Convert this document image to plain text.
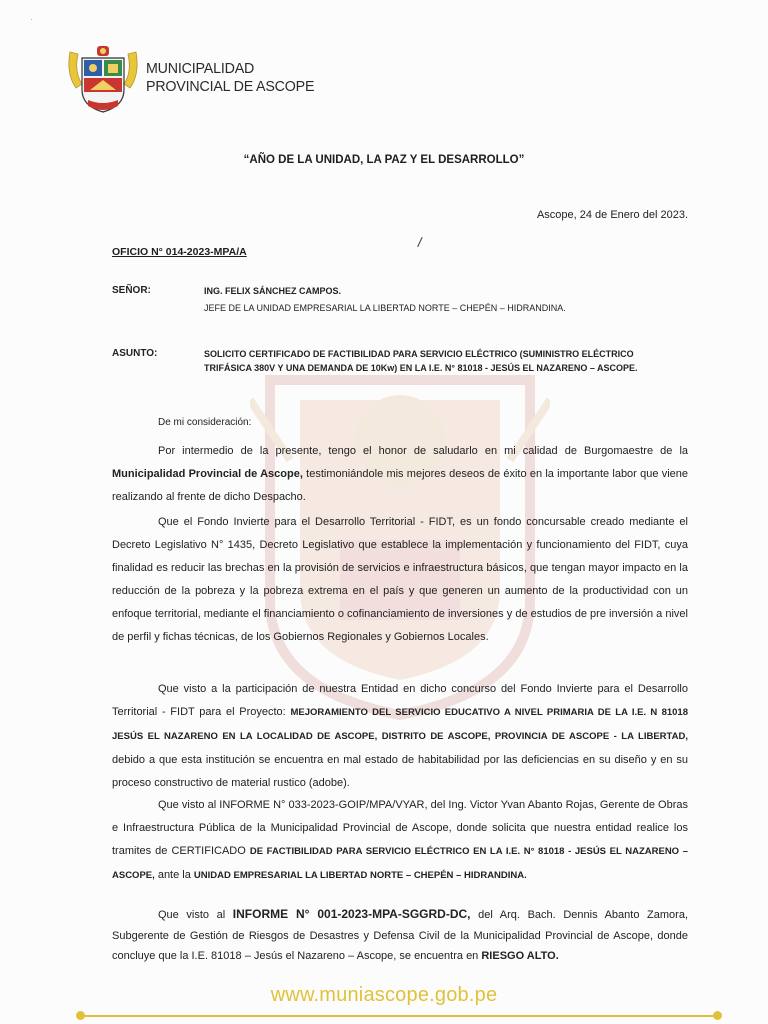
·
MUNICIPALIDAD
PROVINCIAL DE ASCOPE
“AÑO DE LA UNIDAD, LA PAZ Y EL DESARROLLO”
Ascope, 24 de Enero del 2023.
OFICIO N° 014-2023-MPA/A
/
SEÑOR:	ING. FELIX SÁNCHEZ CAMPOS.
JEFE DE LA UNIDAD EMPRESARIAL LA LIBERTAD NORTE – CHEPÉN – HIDRANDINA.
ASUNTO:	SOLICITO CERTIFICADO DE FACTIBILIDAD PARA SERVICIO ELÉCTRICO (SUMINISTRO ELÉCTRICO
TRIFÁSICA 380V Y UNA DEMANDA DE 10Kw) EN LA I.E. N° 81018 - JESÚS EL NAZARENO – ASCOPE.
De mi consideración:
Por intermedio de la presente, tengo el honor de saludarlo en mi calidad de Burgomaestre de la Municipalidad Provincial de Ascope, testimoniándole mis mejores deseos de éxito en la importante labor que viene realizando al frente de dicho Despacho.
Que el Fondo Invierte para el Desarrollo Territorial - FIDT, es un fondo concursable creado mediante el Decreto Legislativo N° 1435, Decreto Legislativo que establece la implementación y funcionamiento del FIDT, cuya finalidad es reducir las brechas en la provisión de servicios e infraestructura básicos, que tengan mayor impacto en la reducción de la pobreza y la pobreza extrema en el país y que generen un aumento de la productividad con un enfoque territorial, mediante el financiamiento o cofinanciamiento de inversiones y de estudios de pre inversión a nivel de perfil y fichas técnicas, de los Gobiernos Regionales y Gobiernos Locales.
Que visto a la participación de nuestra Entidad en dicho concurso del Fondo Invierte para el Desarrollo Territorial - FIDT para el Proyecto: MEJORAMIENTO DEL SERVICIO EDUCATIVO A NIVEL PRIMARIA DE LA I.E. N 81018 JESÚS EL NAZARENO EN LA LOCALIDAD DE ASCOPE, DISTRITO DE ASCOPE, PROVINCIA DE ASCOPE - LA LIBERTAD, debido a que esta institución se encuentra en mal estado de habitabilidad por las deficiencias en su diseño y en su proceso constructivo de material rustico (adobe).
Que visto al INFORME N° 033-2023-GOIP/MPA/VYAR, del Ing. Victor Yvan Abanto Rojas, Gerente de Obras e Infraestructura Pública de la Municipalidad Provincial de Ascope, donde solicita que nuestra entidad realice los tramites de CERTIFICADO DE FACTIBILIDAD PARA SERVICIO ELÉCTRICO EN LA I.E. N° 81018 - JESÚS EL NAZARENO – ASCOPE, ante la UNIDAD EMPRESARIAL LA LIBERTAD NORTE – CHEPÉN – HIDRANDINA.
Que visto al INFORME N° 001-2023-MPA-SGGRD-DC, del Arq. Bach. Dennis Abanto Zamora, Subgerente de Gestión de Riesgos de Desastres y Defensa Civil de la Municipalidad Provincial de Ascope, donde concluye que la I.E. 81018 – Jesús el Nazareno – Ascope, se encuentra en RIESGO ALTO.
www.muniascope.gob.pe
